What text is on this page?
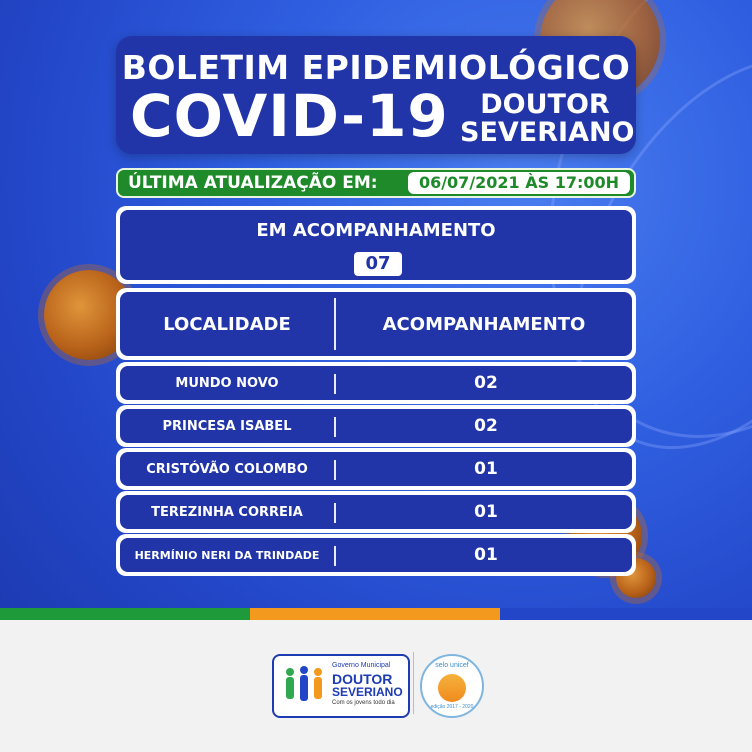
BOLETIM EPIDEMIOLÓGICO
COVID-19	DOUTOR
SEVERIANO
ÚLTIMA ATUALIZAÇÃO EM:	06/07/2021 ÀS 17:00H
EM ACOMPANHAMENTO
07
LOCALIDADE	ACOMPANHAMENTO
MUNDO NOVO	02
PRINCESA ISABEL	02
CRISTÓVÃO COLOMBO	01
TEREZINHA CORREIA	01
HERMÍNIO NERI DA TRINDADE	01
Governo Municipal
DOUTOR
SEVERIANO
Com os jovens todo dia
selo unicef
edição 2017 - 2020
